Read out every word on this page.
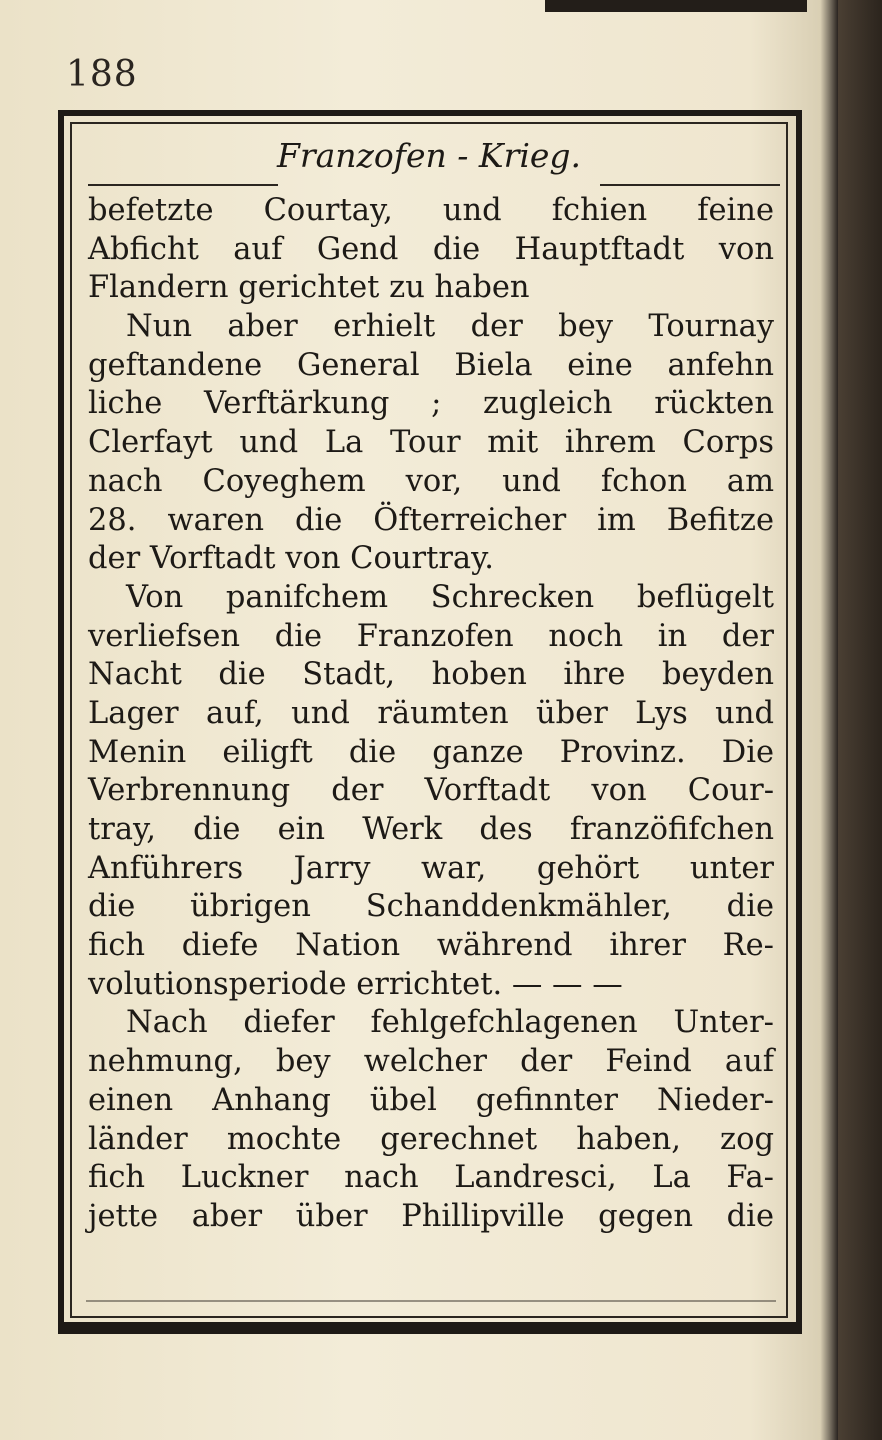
188
Franzofen - Krieg.
befetzte Courtay, und fchien feine
Abficht auf Gend die Hauptftadt von
Flandern gerichtet zu haben
Nun aber erhielt der bey Tournay
geftandene General Biela eine anfehn
liche Verftärkung ; zugleich rückten
Clerfayt und La Tour mit ihrem Corps
nach Coyeghem vor, und fchon am
28. waren die Öfterreicher im Befitze
der Vorftadt von Courtray.
Von panifchem Schrecken beflügelt
verliefsen die Franzofen noch in der
Nacht die Stadt, hoben ihre beyden
Lager auf, und räumten über Lys und
Menin eiligft die ganze Provinz. Die
Verbrennung der Vorftadt von Cour-
tray, die ein Werk des franzöfifchen
Anführers Jarry war, gehört unter
die übrigen Schanddenkmähler, die
fich diefe Nation während ihrer Re-
volutionsperiode errichtet. — — —
Nach diefer fehlgefchlagenen Unter-
nehmung, bey welcher der Feind auf
einen Anhang übel gefinnter Nieder-
länder mochte gerechnet haben, zog
fich Luckner nach Landresci, La Fa-
jette aber über Phillipville gegen die
